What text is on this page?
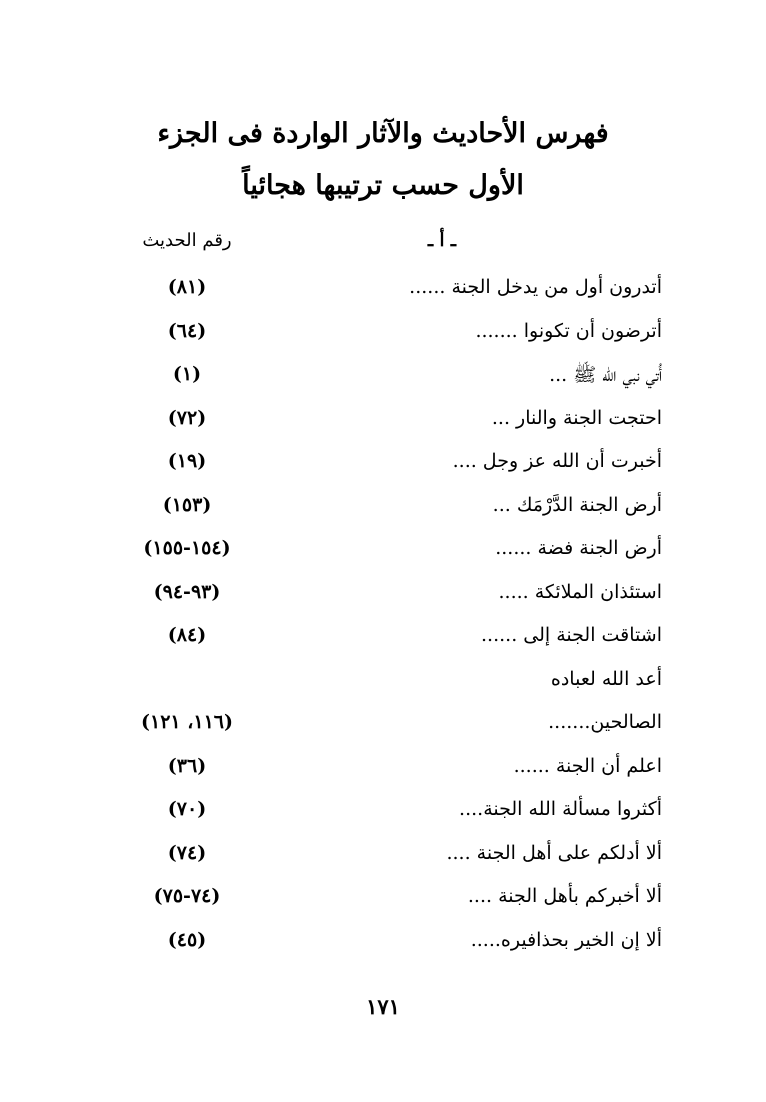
فهرس الأحاديث والآثار الواردة فى الجزء
الأول حسب ترتيبها هجائياً
رقم الحديث	ـ أ ـ
أتدرون أول من يدخل الجنة ......
(٨١)
أترضون أن تكونوا .......
(٦٤)
أُتي نبي الله ﷺ ...
(١)
احتجت الجنة والنار ...
(٧٢)
أخبرت أن الله عز وجل ....
(١٩)
أرض الجنة الدَّرْمَك ...
(١٥٣)
أرض الجنة فضة ......
(١٥٤-١٥٥)
استئذان الملائكة .....
(٩٣-٩٤)
اشتاقت الجنة إلى ......
(٨٤)
أعد الله لعباده
الصالحين.......
(١١٦، ١٢١)
اعلم أن الجنة ......
(٣٦)
أكثروا مسألة الله الجنة....
(٧٠)
ألا أدلكم على أهل الجنة ....
(٧٤)
ألا أخبركم بأهل الجنة ....
(٧٤-٧٥)
ألا إن الخير بحذافيره.....
(٤٥)
١٧١
